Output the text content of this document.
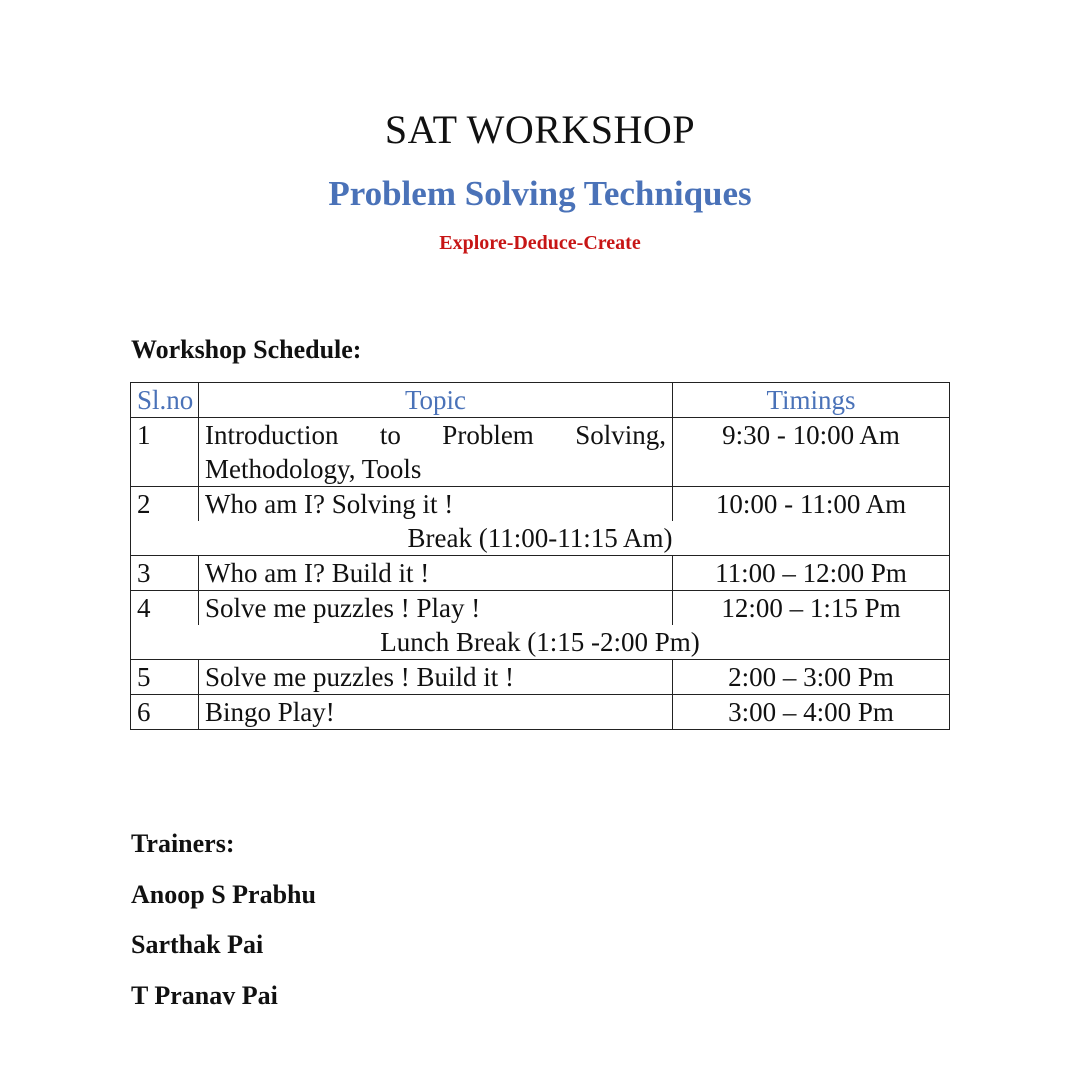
SAT WORKSHOP
Problem Solving Techniques
Explore-Deduce-Create
Workshop Schedule:
Sl.no	Topic	Timings
1	Introduction to Problem Solving, Methodology, Tools	9:30 - 10:00 Am
2	Who am I? Solving it !	10:00 - 11:00 Am
Break (11:00-11:15 Am)		
3	Who am I? Build it !	11:00 – 12:00 Pm
4	Solve me puzzles ! Play !	12:00 – 1:15 Pm
Lunch Break (1:15 -2:00 Pm)		
5	Solve me puzzles ! Build it !	2:00 – 3:00 Pm
6	Bingo Play!	3:00 – 4:00 Pm
Trainers:
Anoop S Prabhu
Sarthak Pai
T Pranav Pai
